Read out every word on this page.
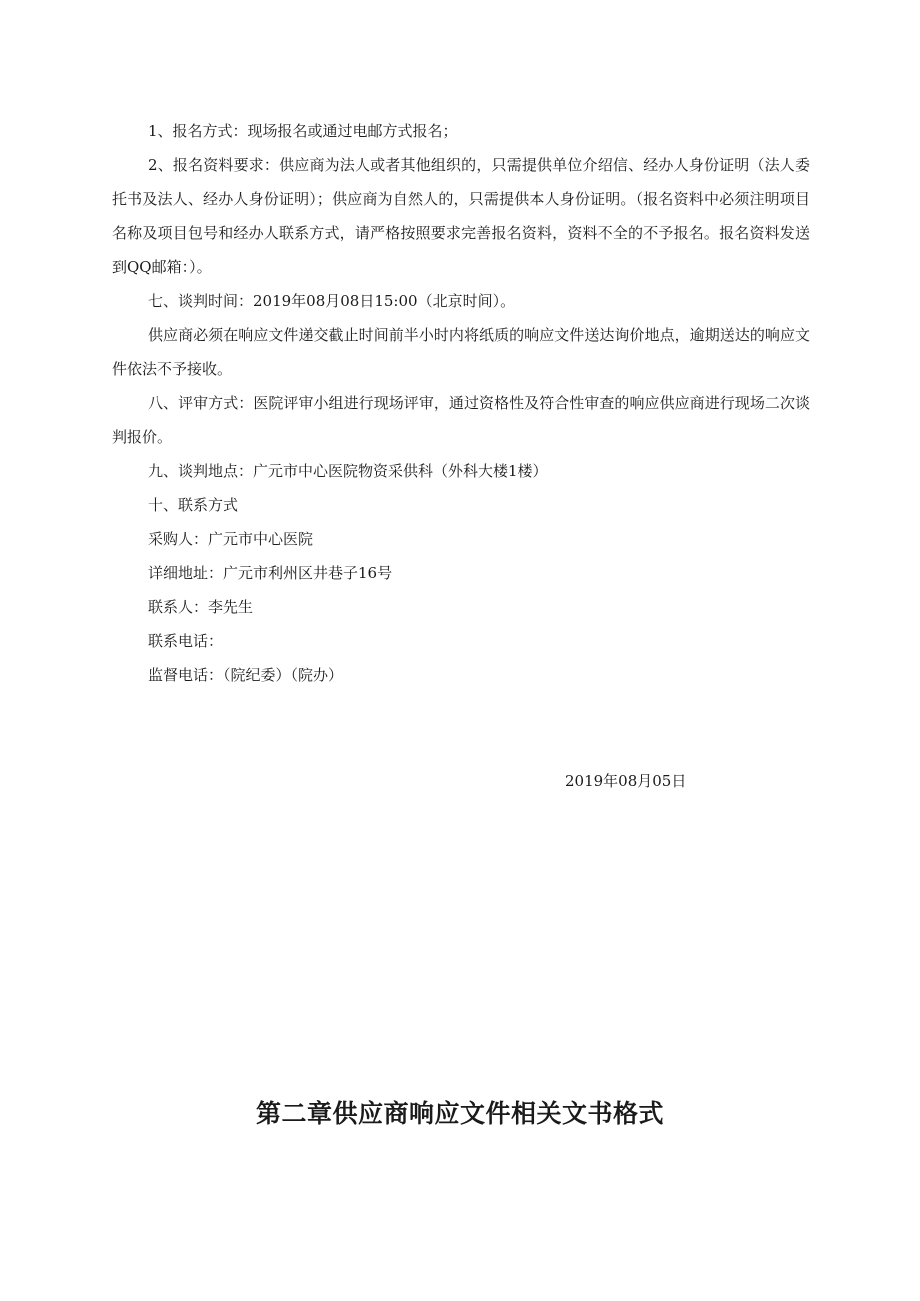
1、报名方式：现场报名或通过电邮方式报名；

2、报名资料要求：供应商为法人或者其他组织的，只需提供单位介绍信、经办人身份证明（法人委托书及法人、经办人身份证明）；供应商为自然人的，只需提供本人身份证明。（报名资料中必须注明项目名称及项目包号和经办人联系方式，请严格按照要求完善报名资料，资料不全的不予报名。报名资料发送到QQ邮箱：）。

七、谈判时间：2019年08月08日15:00（北京时间）。

供应商必须在响应文件递交截止时间前半小时内将纸质的响应文件送达询价地点，逾期送达的响应文件依法不予接收。

八、评审方式：医院评审小组进行现场评审，通过资格性及符合性审查的响应供应商进行现场二次谈判报价。

九、谈判地点：广元市中心医院物资采供科（外科大楼1楼）

十、联系方式

采购人：广元市中心医院

详细地址：广元市利州区井巷子16号

联系人：李先生

联系电话：

监督电话：（院纪委）（院办）

2019年08月05日
第二章供应商响应文件相关文书格式
